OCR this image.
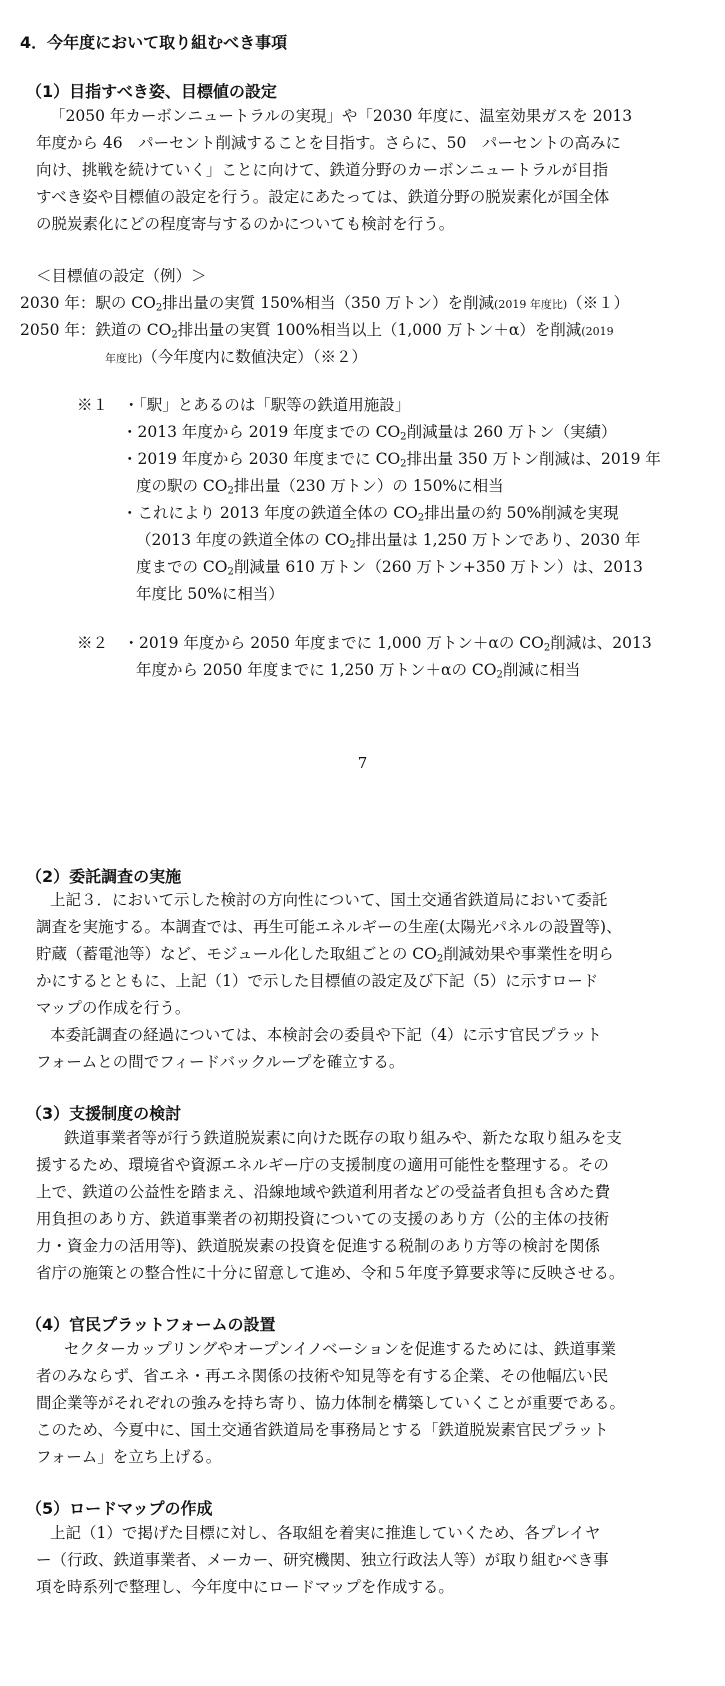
4．今年度において取り組むべき事項
（1）目指すべき姿、目標値の設定
「2050 年カーボンニュートラルの実現」や「2030 年度に、温室効果ガスを 2013
年度から 46　パーセント削減することを目指す。さらに、50　パーセントの高みに
向け、挑戦を続けていく」ことに向けて、鉄道分野のカーボンニュートラルが目指
すべき姿や目標値の設定を行う。設定にあたっては、鉄道分野の脱炭素化が国全体
の脱炭素化にどの程度寄与するのかについても検討を行う。
＜目標値の設定（例）＞
2030 年：駅の $CO_2$排出量の実質 150%相当（350 万トン）を削減(2019 年度比)（※１）
2050 年：鉄道の $CO_2$排出量の実質 100%相当以上（1,000 万トン＋α）を削減(2019
年度比)（今年度内に数値決定）（※２）
※１　・「駅」とあるのは「駅等の鉄道用施設」
・2013 年度から 2019 年度までの $CO_2$削減量は 260 万トン（実績）
・2019 年度から 2030 年度までに $CO_2$排出量 350 万トン削減は、2019 年
度の駅の $CO_2$排出量（230 万トン）の 150%に相当
・これにより 2013 年度の鉄道全体の $CO_2$排出量の約 50%削減を実現
（2013 年度の鉄道全体の $CO_2$排出量は 1,250 万トンであり、2030 年
度までの $CO_2$削減量 610 万トン（260 万トン+350 万トン）は、2013
年度比 50%に相当）
※２　・2019 年度から 2050 年度までに 1,000 万トン＋αの $CO_2$削減は、2013
年度から 2050 年度までに 1,250 万トン＋αの $CO_2$削減に相当
7
（2）委託調査の実施
上記３．において示した検討の方向性について、国土交通省鉄道局において委託
調査を実施する。本調査では、再生可能エネルギーの生産(太陽光パネルの設置等)、
貯蔵（蓄電池等）など、モジュール化した取組ごとの $CO_2$削減効果や事業性を明ら
かにするとともに、上記（1）で示した目標値の設定及び下記（5）に示すロード
マップの作成を行う。
本委託調査の経過については、本検討会の委員や下記（4）に示す官民プラット
フォームとの間でフィードバックループを確立する。
（3）支援制度の検討
鉄道事業者等が行う鉄道脱炭素に向けた既存の取り組みや、新たな取り組みを支
援するため、環境省や資源エネルギー庁の支援制度の適用可能性を整理する。その
上で、鉄道の公益性を踏まえ、沿線地域や鉄道利用者などの受益者負担も含めた費
用負担のあり方、鉄道事業者の初期投資についての支援のあり方（公的主体の技術
力・資金力の活用等)、鉄道脱炭素の投資を促進する税制のあり方等の検討を関係
省庁の施策との整合性に十分に留意して進め、令和５年度予算要求等に反映させる。
（4）官民プラットフォームの設置
セクターカップリングやオープンイノベーションを促進するためには、鉄道事業
者のみならず、省エネ・再エネ関係の技術や知見等を有する企業、その他幅広い民
間企業等がそれぞれの強みを持ち寄り、協力体制を構築していくことが重要である。
このため、今夏中に、国土交通省鉄道局を事務局とする「鉄道脱炭素官民プラット
フォーム」を立ち上げる。
（5）ロードマップの作成
上記（1）で掲げた目標に対し、各取組を着実に推進していくため、各プレイヤ
ー（行政、鉄道事業者、メーカー、研究機関、独立行政法人等）が取り組むべき事
項を時系列で整理し、今年度中にロードマップを作成する。
